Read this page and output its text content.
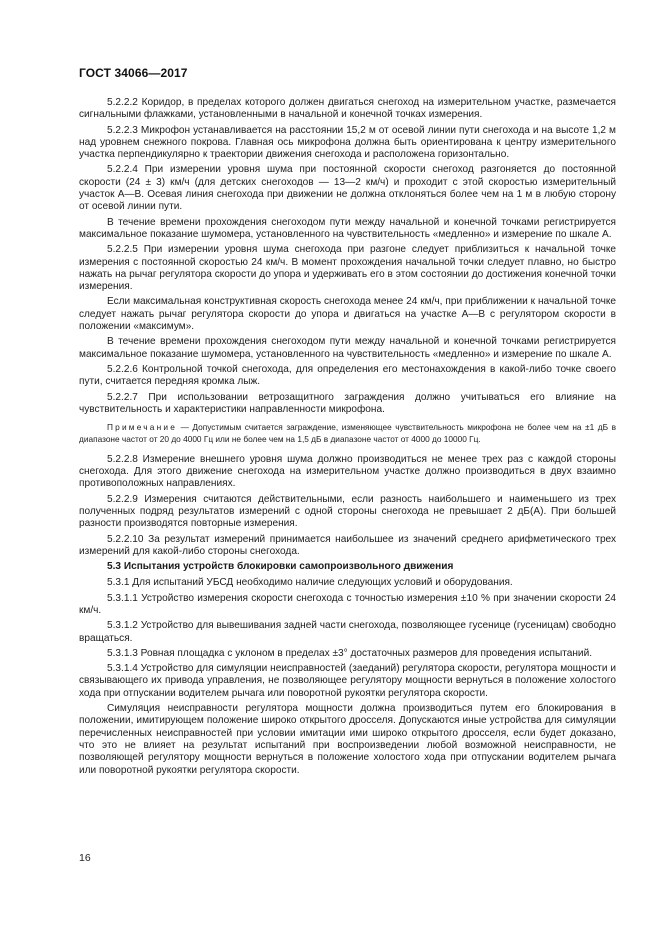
ГОСТ 34066—2017

5.2.2.2 Коридор, в пределах которого должен двигаться снегоход на измерительном участке, размечается сигнальными флажками, установленными в начальной и конечной точках измерения.

5.2.2.3 Микрофон устанавливается на расстоянии 15,2 м от осевой линии пути снегохода и на высоте 1,2 м над уровнем снежного покрова. Главная ось микрофона должна быть ориентирована к центру измерительного участка перпендикулярно к траектории движения снегохода и расположена горизонтально.

5.2.2.4 При измерении уровня шума при постоянной скорости снегоход разгоняется до постоянной скорости (24 ± 3) км/ч (для детских снегоходов — 13—2 км/ч) и проходит с этой скоростью измерительный участок А—В. Осевая линия снегохода при движении не должна отклоняться более чем на 1 м в любую сторону от осевой линии пути.

В течение времени прохождения снегоходом пути между начальной и конечной точками регистрируется максимальное показание шумомера, установленного на чувствительность «медленно» и измерение по шкале А.

5.2.2.5 При измерении уровня шума снегохода при разгоне следует приблизиться к начальной точке измерения с постоянной скоростью 24 км/ч. В момент прохождения начальной точки следует плавно, но быстро нажать на рычаг регулятора скорости до упора и удерживать его в этом состоянии до достижения конечной точки измерения.

Если максимальная конструктивная скорость снегохода менее 24 км/ч, при приближении к начальной точке следует нажать рычаг регулятора скорости до упора и двигаться на участке А—В с регулятором скорости в положении «максимум».

В течение времени прохождения снегоходом пути между начальной и конечной точками регистрируется максимальное показание шумомера, установленного на чувствительность «медленно» и измерение по шкале А.

5.2.2.6 Контрольной точкой снегохода, для определения его местонахождения в какой-либо точке своего пути, считается передняя кромка лыж.

5.2.2.7 При использовании ветрозащитного заграждения должно учитываться его влияние на чувствительность и характеристики направленности микрофона.

Примечание — Допустимым считается заграждение, изменяющее чувствительность микрофона не более чем на ±1 дБ в диапазоне частот от 20 до 4000 Гц или не более чем на 1,5 дБ в диапазоне частот от 4000 до 10000 Гц.

5.2.2.8 Измерение внешнего уровня шума должно производиться не менее трех раз с каждой стороны снегохода. Для этого движение снегохода на измерительном участке должно производиться в двух взаимно противоположных направлениях.

5.2.2.9 Измерения считаются действительными, если разность наибольшего и наименьшего из трех полученных подряд результатов измерений с одной стороны снегохода не превышает 2 дБ(А). При большей разности производятся повторные измерения.

5.2.2.10 За результат измерений принимается наибольшее из значений среднего арифметического трех измерений для какой-либо стороны снегохода.

5.3 Испытания устройств блокировки самопроизвольного движения

5.3.1 Для испытаний УБСД необходимо наличие следующих условий и оборудования.

5.3.1.1 Устройство измерения скорости снегохода с точностью измерения ±10 % при значении скорости 24 км/ч.

5.3.1.2 Устройство для вывешивания задней части снегохода, позволяющее гусенице (гусеницам) свободно вращаться.

5.3.1.3 Ровная площадка с уклоном в пределах ±3° достаточных размеров для проведения испытаний.

5.3.1.4 Устройство для симуляции неисправностей (заеданий) регулятора скорости, регулятора мощности и связывающего их привода управления, не позволяющее регулятору мощности вернуться в положение холостого хода при отпускании водителем рычага или поворотной рукоятки регулятора скорости.

Симуляция неисправности регулятора мощности должна производиться путем его блокирования в положении, имитирующем положение широко открытого дросселя. Допускаются иные устройства для симуляции перечисленных неисправностей при условии имитации ими широко открытого дросселя, если будет доказано, что это не влияет на результат испытаний при воспроизведении любой возможной неисправности, не позволяющей регулятору мощности вернуться в положение холостого хода при отпускании водителем рычага или поворотной рукоятки регулятора скорости.

16
